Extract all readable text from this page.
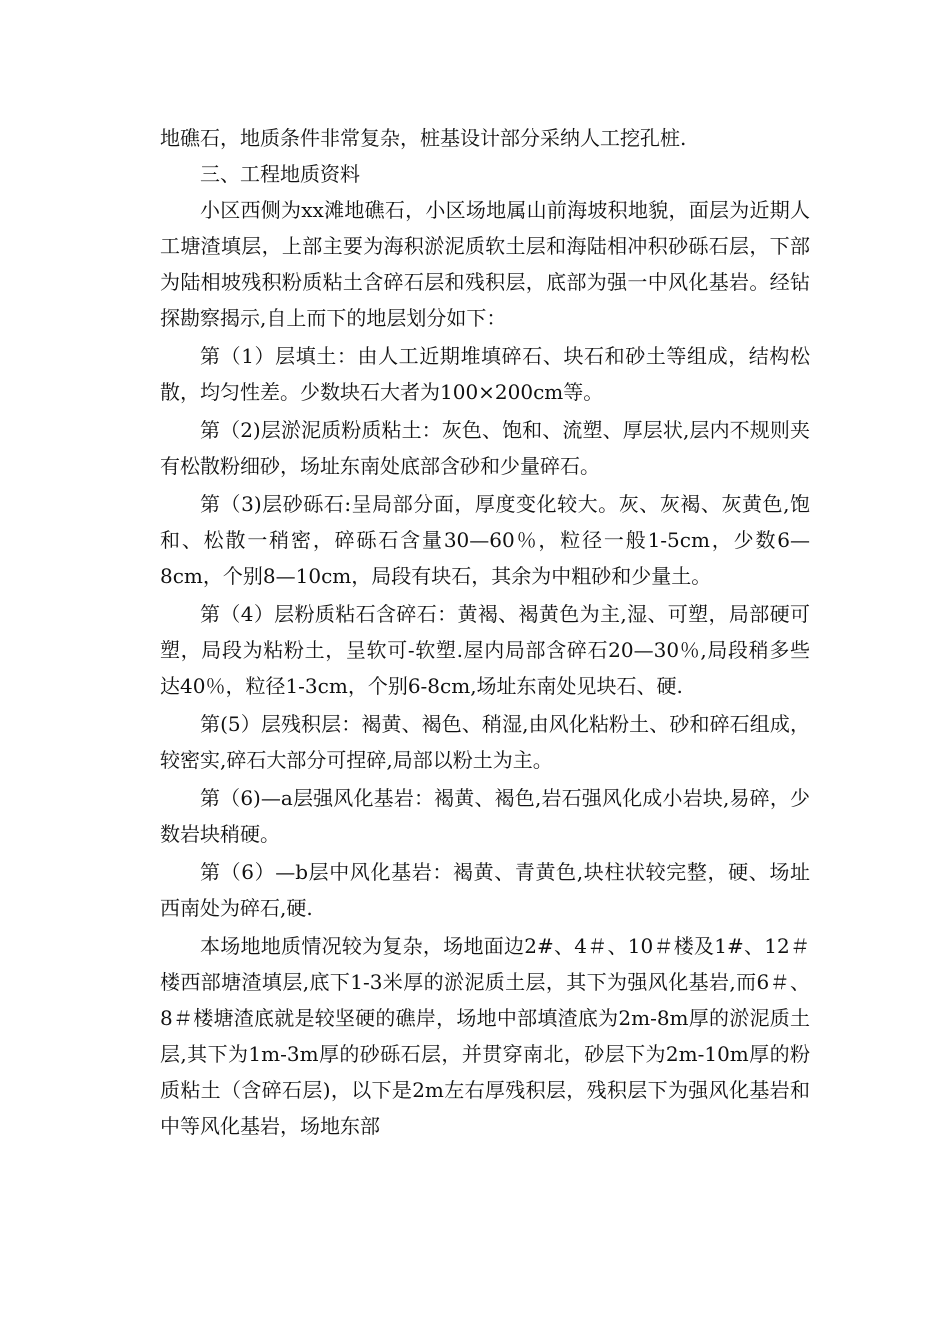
地礁石，地质条件非常复杂，桩基设计部分采纳人工挖孔桩.

三、工程地质资料

小区西侧为xx滩地礁石，小区场地属山前海坡积地貌，面层为近期人工塘渣填层，上部主要为海积淤泥质软土层和海陆相冲积砂砾石层，下部为陆相坡残积粉质粘土含碎石层和残积层，底部为强一中风化基岩。经钻探勘察揭示,自上而下的地层划分如下：

第（1）层填土：由人工近期堆填碎石、块石和砂土等组成，结构松散，均匀性差。少数块石大者为100×200cm等。

第（2)层淤泥质粉质粘土：灰色、饱和、流塑、厚层状,层内不规则夹有松散粉细砂，场址东南处底部含砂和少量碎石。

第（3)层砂砾石:呈局部分面，厚度变化较大。灰、灰褐、灰黄色,饱和、松散一稍密，碎砾石含量30—60％，粒径一般1-5cm，少数6—8cm，个别8—10cm，局段有块石，其余为中粗砂和少量土。

第（4）层粉质粘石含碎石：黄褐、褐黄色为主,湿、可塑，局部硬可塑，局段为粘粉土，呈软可-软塑.屋内局部含碎石20—30％,局段稍多些达40％，粒径1-3cm，个别6-8cm,场址东南处见块石、硬.

第(5）层残积层：褐黄、褐色、稍湿,由风化粘粉土、砂和碎石组成，较密实,碎石大部分可捏碎,局部以粉土为主。

第（6)—a层强风化基岩：褐黄、褐色,岩石强风化成小岩块,易碎，少数岩块稍硬。

第（6）—b层中风化基岩：褐黄、青黄色,块柱状较完整，硬、场址西南处为碎石,硬.

本场地地质情况较为复杂，场地面边2#、4＃、10＃楼及1#、12＃楼西部塘渣填层,底下1-3米厚的淤泥质土层，其下为强风化基岩,而6＃、8＃楼塘渣底就是较坚硬的礁岸，场地中部填渣底为2m-8m厚的淤泥质土层,其下为1m-3m厚的砂砾石层，并贯穿南北，砂层下为2m-10m厚的粉质粘土（含碎石层)，以下是2m左右厚残积层，残积层下为强风化基岩和中等风化基岩，场地东部
